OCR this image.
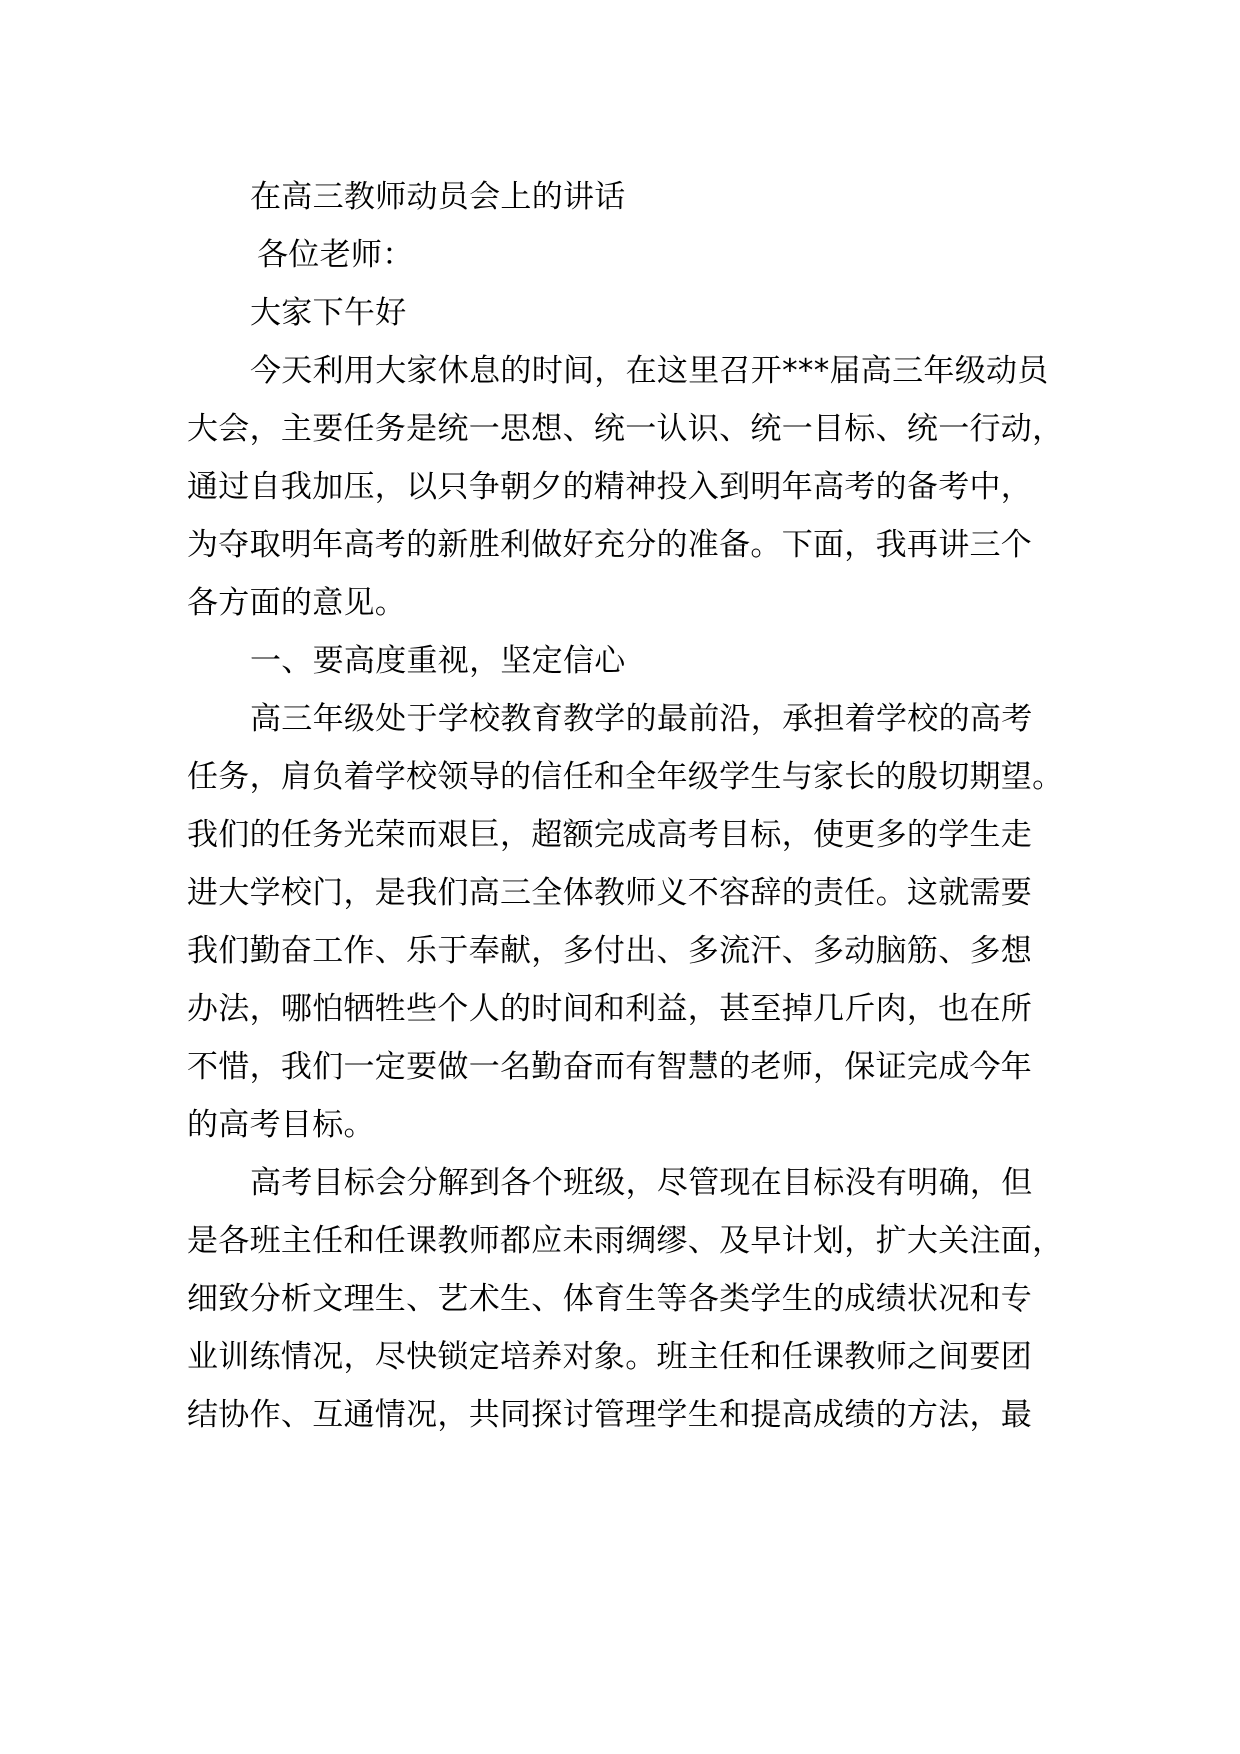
在高三教师动员会上的讲话
各位老师：
大家下午好
今天利用大家休息的时间，在这里召开***届高三年级动员
大会，主要任务是统一思想、统一认识、统一目标、统一行动，
通过自我加压，以只争朝夕的精神投入到明年高考的备考中，
为夺取明年高考的新胜利做好充分的准备。下面，我再讲三个
各方面的意见。
一、要高度重视，坚定信心
高三年级处于学校教育教学的最前沿，承担着学校的高考
任务，肩负着学校领导的信任和全年级学生与家长的殷切期望。
我们的任务光荣而艰巨，超额完成高考目标，使更多的学生走
进大学校门，是我们高三全体教师义不容辞的责任。这就需要
我们勤奋工作、乐于奉献，多付出、多流汗、多动脑筋、多想
办法，哪怕牺牲些个人的时间和利益，甚至掉几斤肉，也在所
不惜，我们一定要做一名勤奋而有智慧的老师，保证完成今年
的高考目标。
高考目标会分解到各个班级，尽管现在目标没有明确，但
是各班主任和任课教师都应未雨绸缪、及早计划，扩大关注面，
细致分析文理生、艺术生、体育生等各类学生的成绩状况和专
业训练情况，尽快锁定培养对象。班主任和任课教师之间要团
结协作、互通情况，共同探讨管理学生和提高成绩的方法，最
